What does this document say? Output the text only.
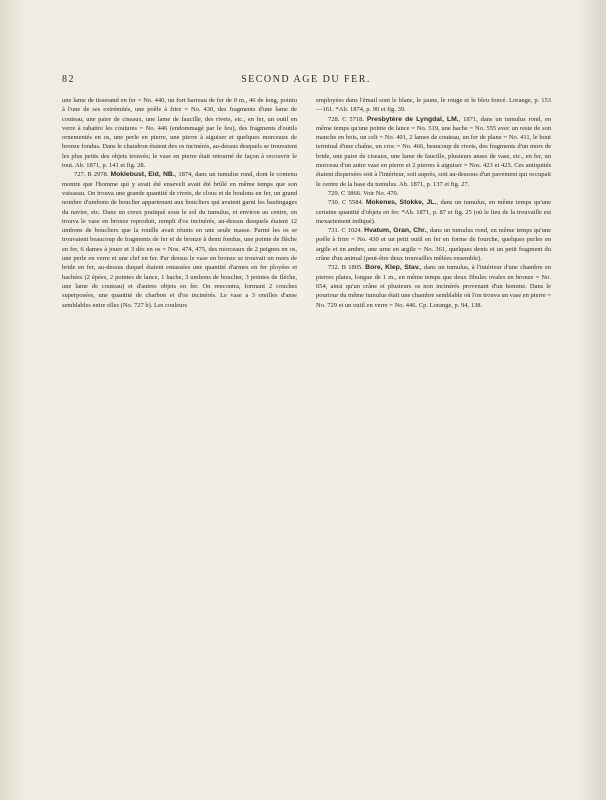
82	SECOND AGE DU FER.

une lame de tisserand en fer = No. 440, un fort barreau de fer de 0 m., 46 de long, pointu à l'une de ses extrémités, une poêle à frire = No. 430, des fragments d'une lame de couteau, une paire de ciseaux, une lame de faucille, des rivets, etc., en fer, un outil en verre à rabattre les coutures = No. 446 (endommagé par le feu), des fragments d'outils ornementés en os, une perle en pierre, une pierre à aiguiser et quelques morceaux de bronze fondus. Dans le chaudron étaient des os incinérés, au-dessus desquels se trouvaient les plus petits des objets trouvés; le vase en pierre était retourné de façon à recouvrir le tout. Ab. 1871, p. 141 et fig. 28.

727. B 2978. Moklebust, Eid, NB., 1874, dans un tumulus rond, dont le contenu montre que l'homme qui y avait été enseveli avait été brûlé en même temps que son vaisseau. On trouva une grande quantité de rivets, de clous et de boulons en fer, un grand nombre d'umbons de bouclier appartenant aux boucliers qui avaient garni les bastingages du navire, etc. Dans un creux pratiqué sous le sol du tumulus, et environ au centre, on trouva le vase en bronze reproduit, rempli d'os incinérés, au-dessus desquels étaient 12 umbons de boucliers que la rouille avait réunis en une seule masse. Parmi les os se trouvaient beaucoup de fragments de fer et de bronze à demi fondus, une pointe de flèche en fer, 6 dames à jouer et 3 dés en os = Nos. 474, 475, des morceaux de 2 peignes en os, une perle en verre et une clef en fer. Par dessus le vase en bronze se trouvait un mors de bride en fer, au-dessus duquel étaient entassées une quantité d'armes en fer ployées et hachées (2 épées, 2 pointes de lance, 1 hache, 3 umbons de bouclier, 3 pointes de flèche, une lame de couteau) et d'autres objets en fer. On rencontra, formant 2 couches superposées, une quantité de charbon et d'os incinérés. Le vase a 3 oreilles d'anse semblables entre elles (No. 727 b). Les couleurs

employées dans l'émail sont le blanc, le jaune, le rouge et le bleu foncé. Lorange, p. 153—161. *Ab. 1874, p. 90 et fig. 39.

728. C 5718. Presbytère de Lyngdal, LM., 1871, dans un tumulus rond, en même temps qu'une pointe de lance = No. 519, une hache = No. 555 avec un reste de son manche en bois, un celt = No. 401, 2 lames de couteau, un fer de plane = No. 411, le bout terminal d'une chaîne, un croc = No. 466, beaucoup de rivets, des fragments d'un mors de bride, une paire de ciseaux, une lame de faucille, plusieurs anses de vase, etc., en fer, un morceau d'un autre vase en pierre et 2 pierres à aiguiser = Nos. 423 et 425. Ces antiquités étaient dispersées soit à l'intérieur, soit auprès, soit au-dessous d'un pavement qui occupait le centre de la base du tumulus. Ab. 1871, p. 137 et fig. 27.

729. C 3866. Voir No. 470.

730. C 5584. Mokenes, Stokke, JL., dans un tumulus, en même temps qu'une certaine quantité d'objets en fer. *Ab. 1871, p. 87 et fig. 25 (où le lieu de la trouvaille est inexactement indiqué).

731. C 1024. Hvatum, Gran, Chr., dans un tumulus rond, en même temps qu'une poêle à frire = No. 430 et un petit outil en fer en forme de fourche, quelques perles en argile et en ambre, une urne en argile = No. 361, quelques dents et un petit fragment du crâne d'un animal (peut-être deux trouvailles mêlées ensemble).

732. B 1805. Bore, Klep, Stav., dans un tumulus, à l'intérieur d'une chambre en pierres plates, longue de 1 m., en même temps que deux fibules ovales en bronze = No. 654, ainsi qu'un crâne et plusieurs os non incinérés provenant d'un homme. Dans le pourtour du même tumulus était une chambre semblable où l'on trouva un vase en pierre = No. 729 et un outil en verre = No. 446. Cp. Lorange, p. 94, 138.
